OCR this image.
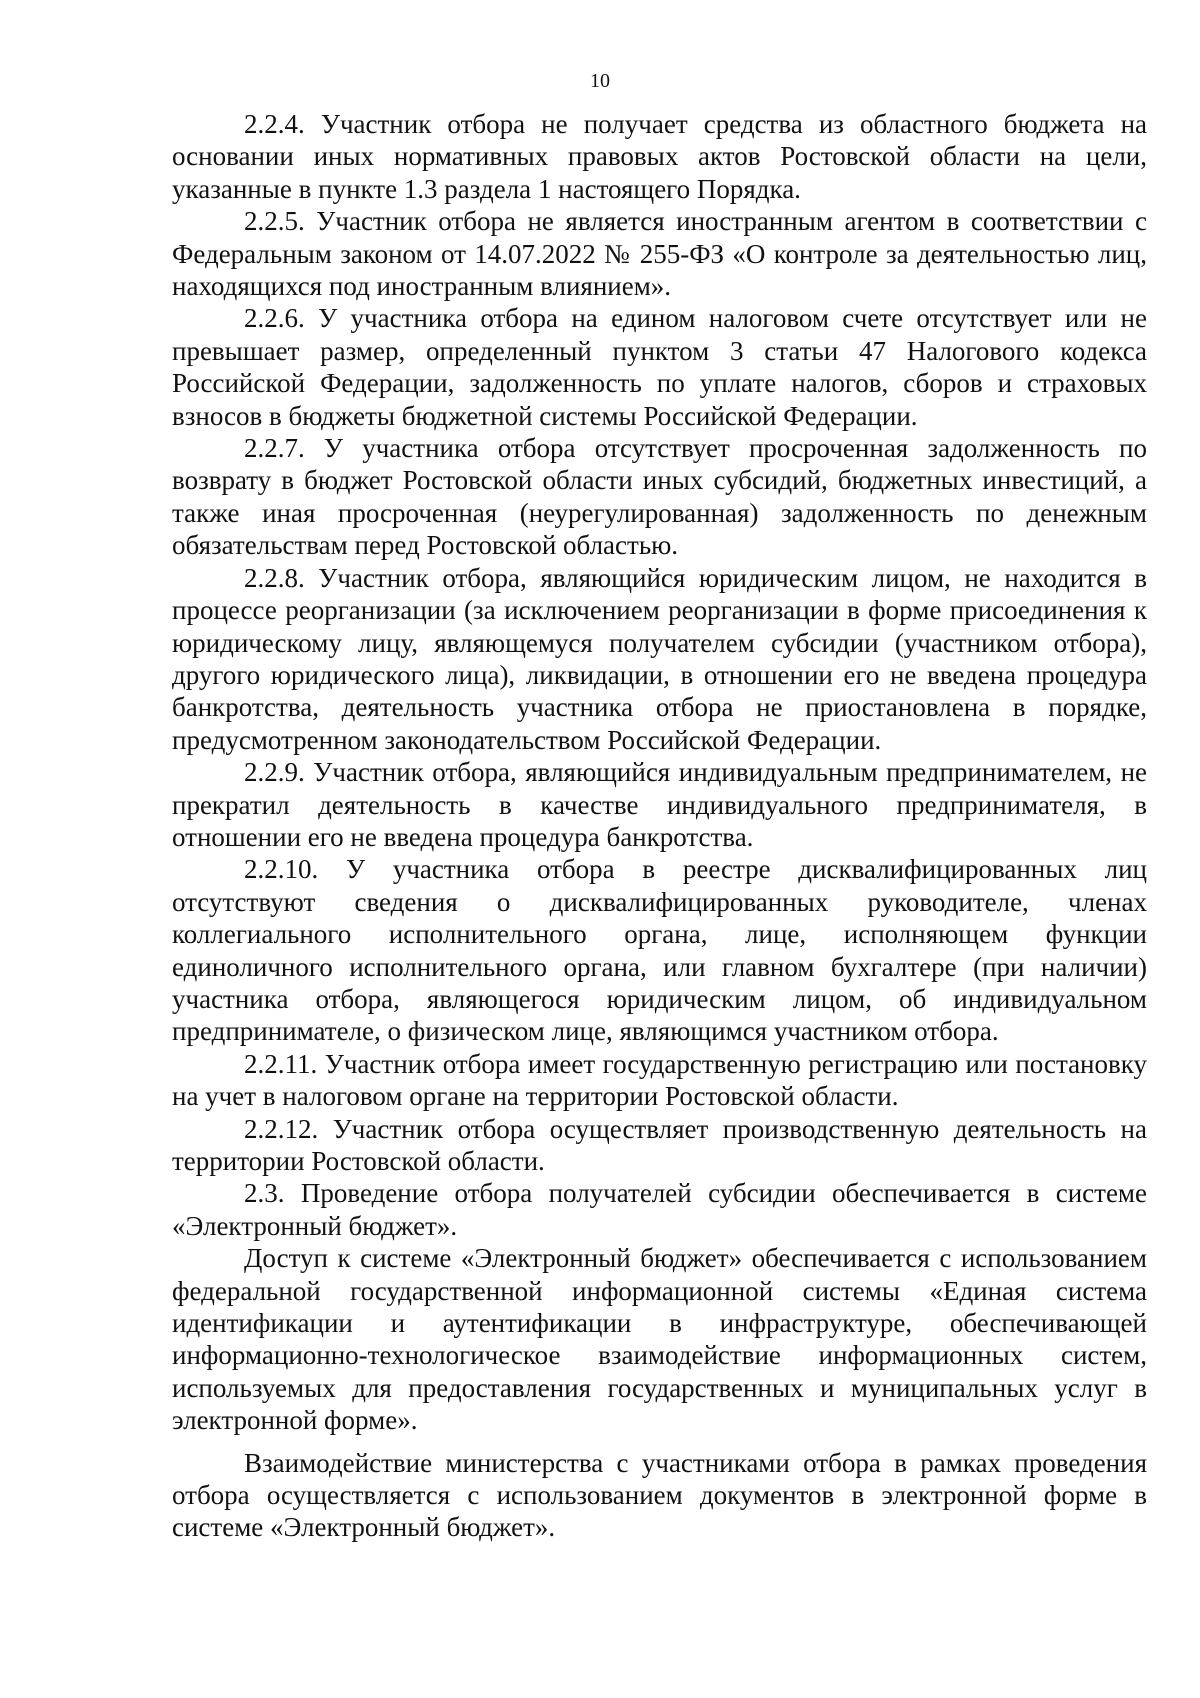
10

2.2.4. Участник отбора не получает средства из областного бюджета на основании иных нормативных правовых актов Ростовской области на цели, указанные в пункте 1.3 раздела 1 настоящего Порядка.

2.2.5. Участник отбора не является иностранным агентом в соответствии с Федеральным законом от 14.07.2022 № 255-ФЗ «О контроле за деятельностью лиц, находящихся под иностранным влиянием».

2.2.6. У участника отбора на едином налоговом счете отсутствует или не превышает размер, определенный пунктом 3 статьи 47 Налогового кодекса Российской Федерации, задолженность по уплате налогов, сборов и страховых взносов в бюджеты бюджетной системы Российской Федерации.

2.2.7. У участника отбора отсутствует просроченная задолженность по возврату в бюджет Ростовской области иных субсидий, бюджетных инвестиций, а также иная просроченная (неурегулированная) задолженность по денежным обязательствам перед Ростовской областью.

2.2.8. Участник отбора, являющийся юридическим лицом, не находится в процессе реорганизации (за исключением реорганизации в форме присоединения к юридическому лицу, являющемуся получателем субсидии (участником отбора), другого юридического лица), ликвидации, в отношении его не введена процедура банкротства, деятельность участника отбора не приостановлена в порядке, предусмотренном законодательством Российской Федерации.

2.2.9. Участник отбора, являющийся индивидуальным предпринимателем, не прекратил деятельность в качестве индивидуального предпринимателя, в отношении его не введена процедура банкротства.

2.2.10. У участника отбора в реестре дисквалифицированных лиц отсутствуют сведения о дисквалифицированных руководителе, членах коллегиального исполнительного органа, лице, исполняющем функции единоличного исполнительного органа, или главном бухгалтере (при наличии) участника отбора, являющегося юридическим лицом, об индивидуальном предпринимателе, о физическом лице, являющимся участником отбора.

2.2.11. Участник отбора имеет государственную регистрацию или постановку на учет в налоговом органе на территории Ростовской области.

2.2.12. Участник отбора осуществляет производственную деятельность на территории Ростовской области.

2.3. Проведение отбора получателей субсидии обеспечивается в системе «Электронный бюджет».

Доступ к системе «Электронный бюджет» обеспечивается с использованием федеральной государственной информационной системы «Единая система идентификации и аутентификации в инфраструктуре, обеспечивающей информационно-технологическое взаимодействие информационных систем, используемых для предоставления государственных и муниципальных услуг в электронной форме».

Взаимодействие министерства с участниками отбора в рамках проведения отбора осуществляется с использованием документов в электронной форме в системе «Электронный бюджет».
